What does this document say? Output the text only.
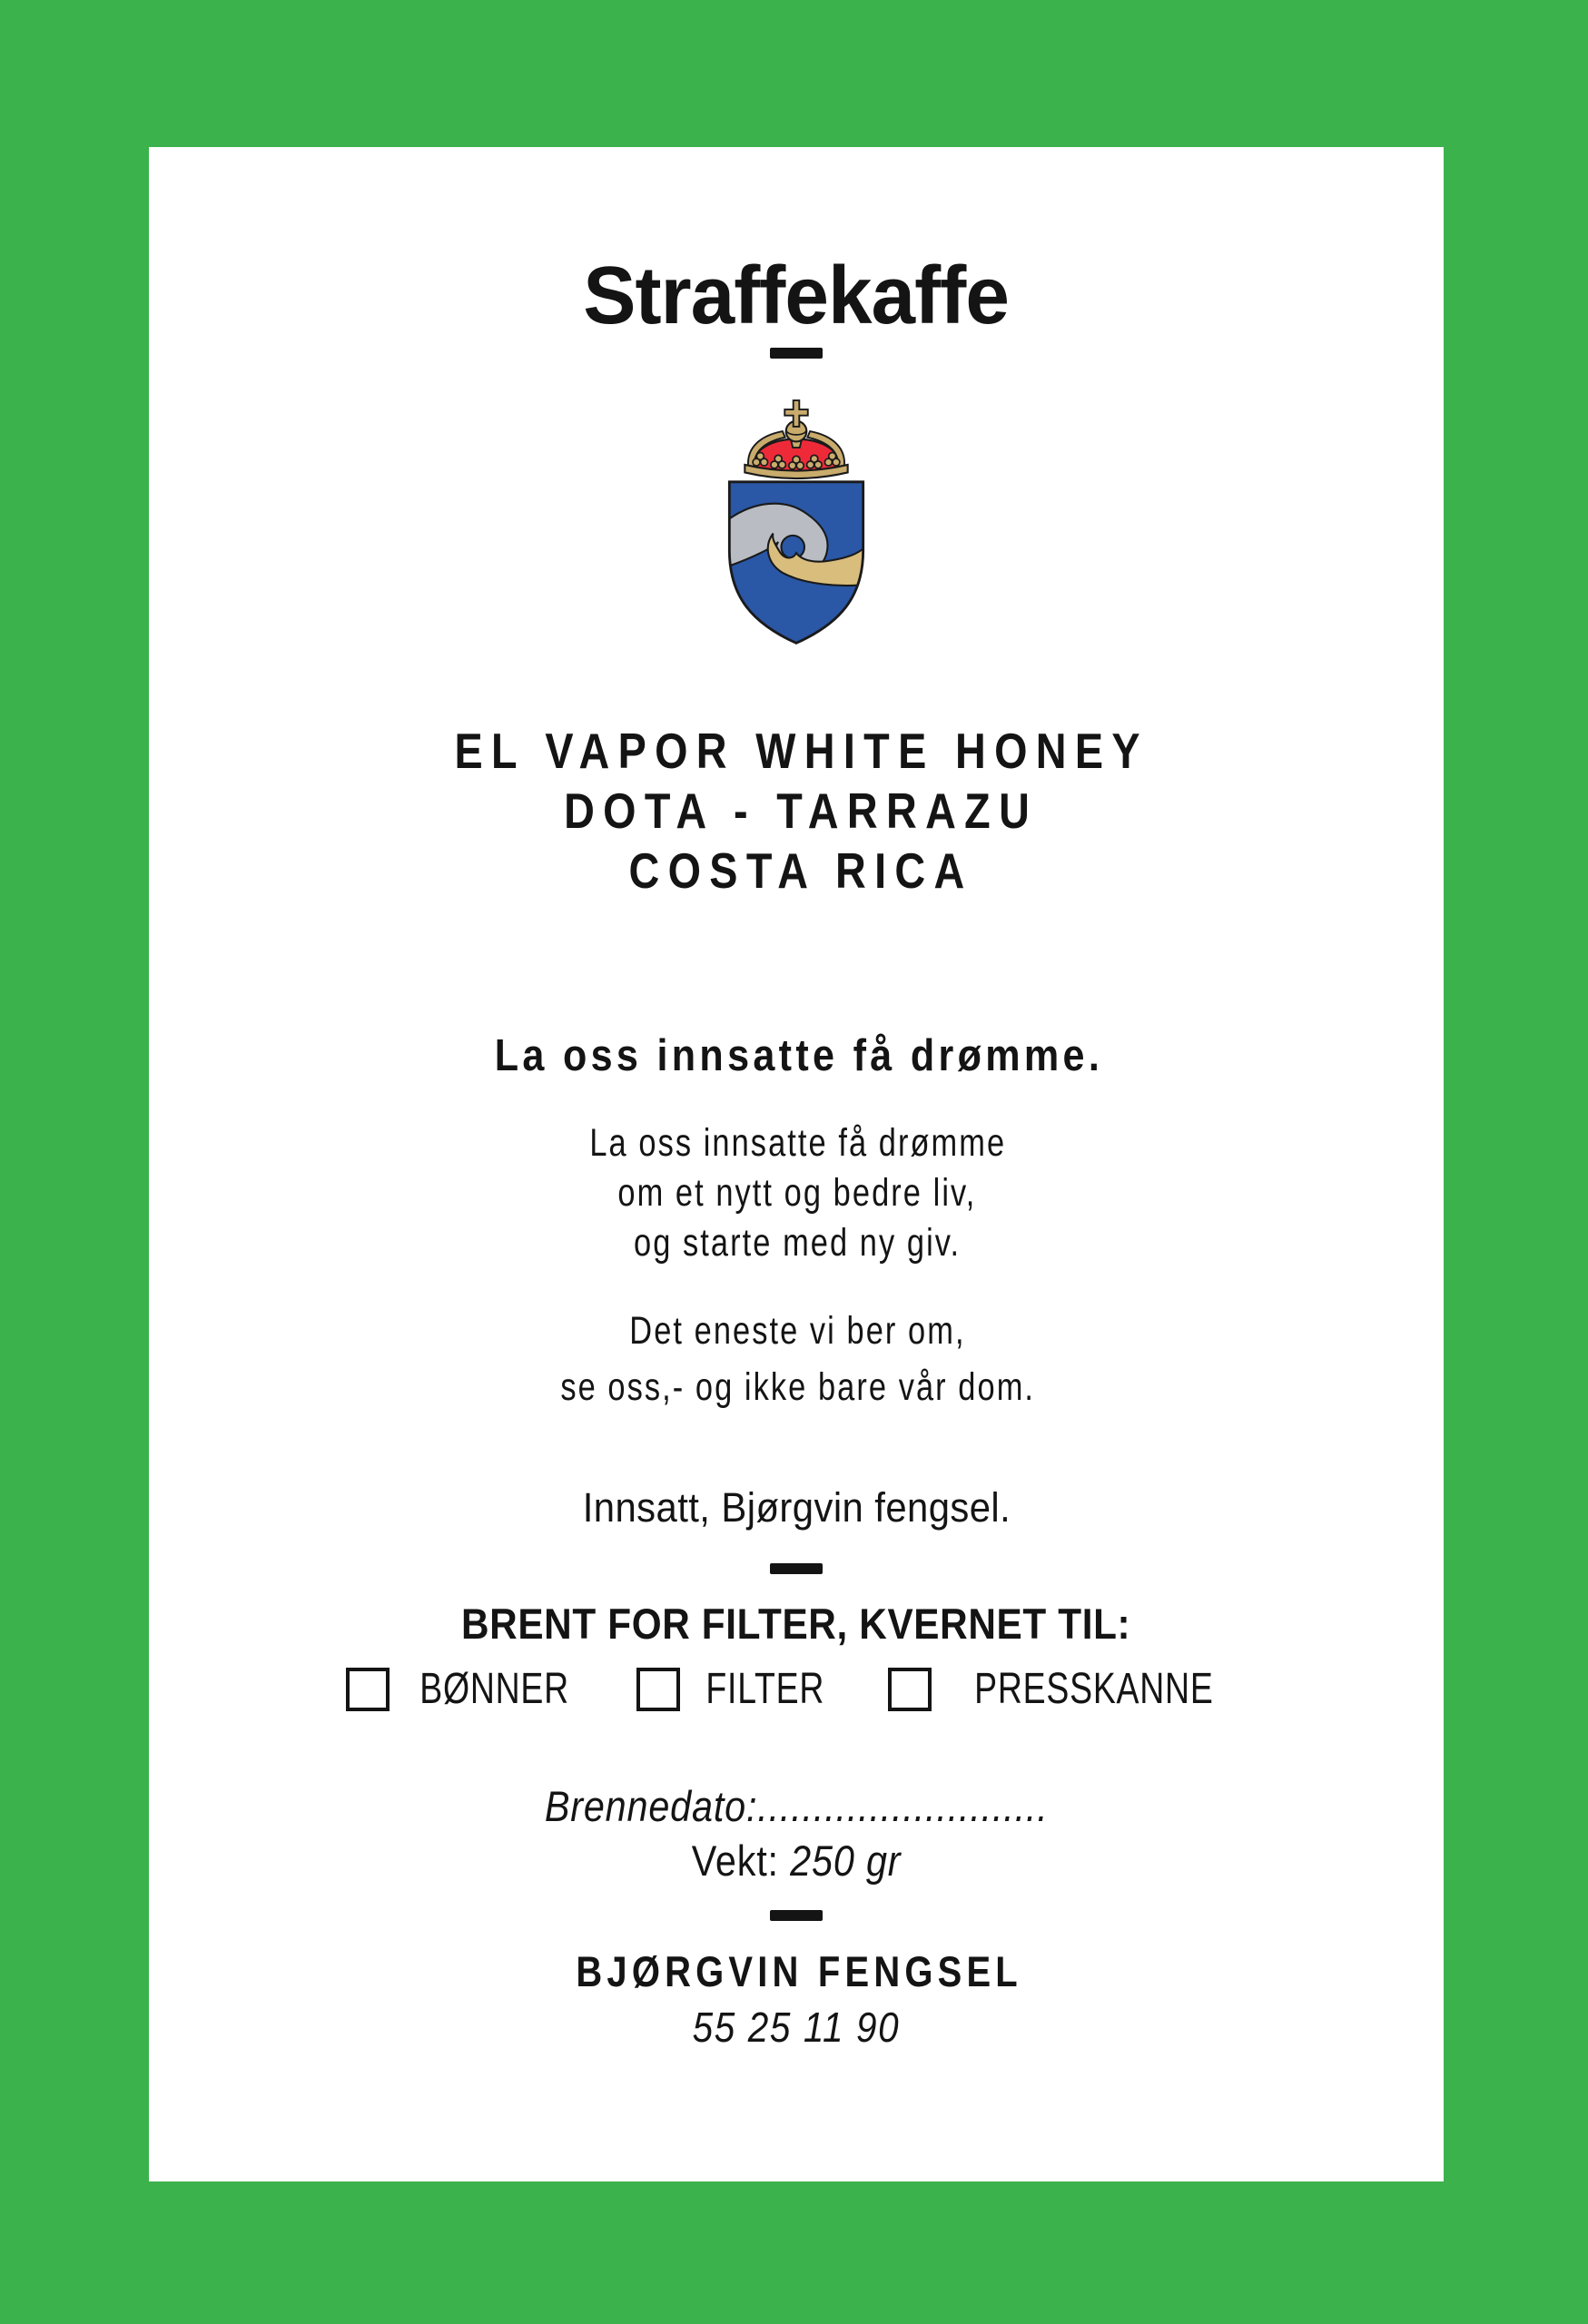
Straffekaffe
EL VAPOR WHITE HONEY
DOTA - TARRAZU
COSTA RICA
La oss innsatte få drømme.
La oss innsatte få drømme
om et nytt og bedre liv,
og starte med ny giv.
Det eneste vi ber om,
se oss,- og ikke bare vår dom.
Innsatt, Bjørgvin fengsel.
BRENT FOR FILTER, KVERNET TIL:
BØNNER	FILTER	PRESSKANNE
Brennedato:..........................
Vekt: 250 gr
BJØRGVIN FENGSEL
55 25 11 90
